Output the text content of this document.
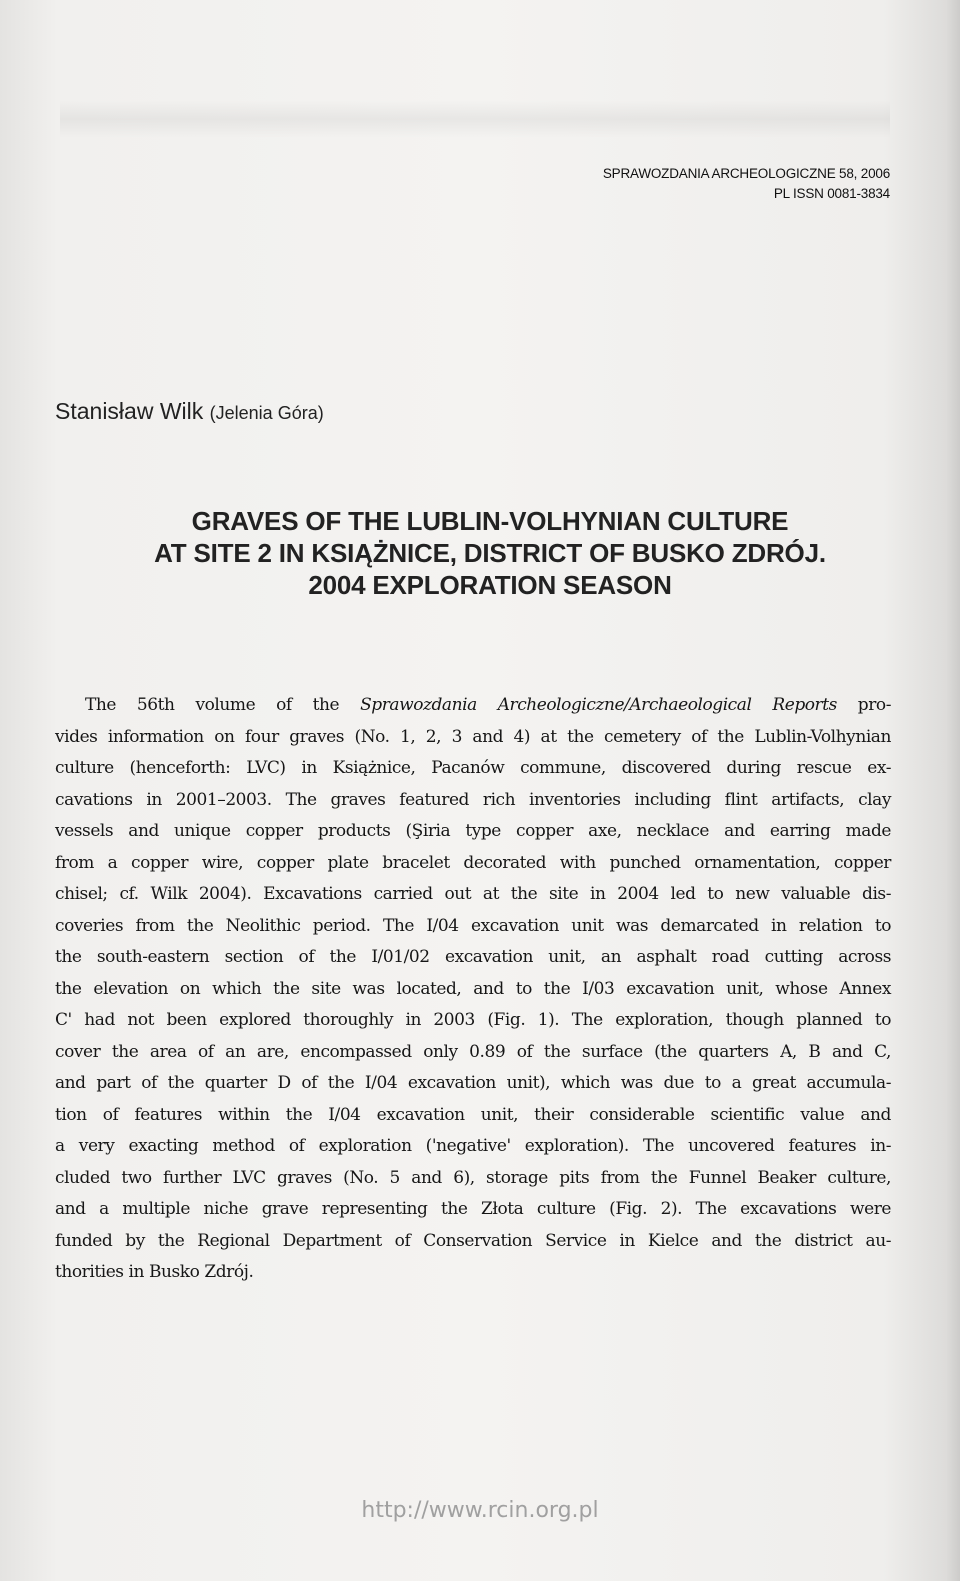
SPRAWOZDANIA ARCHEOLOGICZNE 58, 2006
PL ISSN 0081-3834
Stanisław Wilk (Jelenia Góra)
GRAVES OF THE LUBLIN-VOLHYNIAN CULTURE
AT SITE 2 IN KSIĄŻNICE, DISTRICT OF BUSKO ZDRÓJ.
2004 EXPLORATION SEASON
The 56th volume of the Sprawozdania Archeologiczne/Archaeological Reports pro-
vides information on four graves (No. 1, 2, 3 and 4) at the cemetery of the Lublin-Volhynian
culture (henceforth: LVC) in Książnice, Pacanów commune, discovered during rescue ex-
cavations in 2001–2003. The graves featured rich inventories including flint artifacts, clay
vessels and unique copper products (Şiria type copper axe, necklace and earring made
from a copper wire, copper plate bracelet decorated with punched ornamentation, copper
chisel; cf. Wilk 2004). Excavations carried out at the site in 2004 led to new valuable dis-
coveries from the Neolithic period. The I/04 excavation unit was demarcated in relation to
the south-eastern section of the I/01/02 excavation unit, an asphalt road cutting across
the elevation on which the site was located, and to the I/03 excavation unit, whose Annex
C' had not been explored thoroughly in 2003 (Fig. 1). The exploration, though planned to
cover the area of an are, encompassed only 0.89 of the surface (the quarters A, B and C,
and part of the quarter D of the I/04 excavation unit), which was due to a great accumula-
tion of features within the I/04 excavation unit, their considerable scientific value and
a very exacting method of exploration ('negative' exploration). The uncovered features in-
cluded two further LVC graves (No. 5 and 6), storage pits from the Funnel Beaker culture,
and a multiple niche grave representing the Złota culture (Fig. 2). The excavations were
funded by the Regional Department of Conservation Service in Kielce and the district au-
thorities in Busko Zdrój.
http://www.rcin.org.pl
